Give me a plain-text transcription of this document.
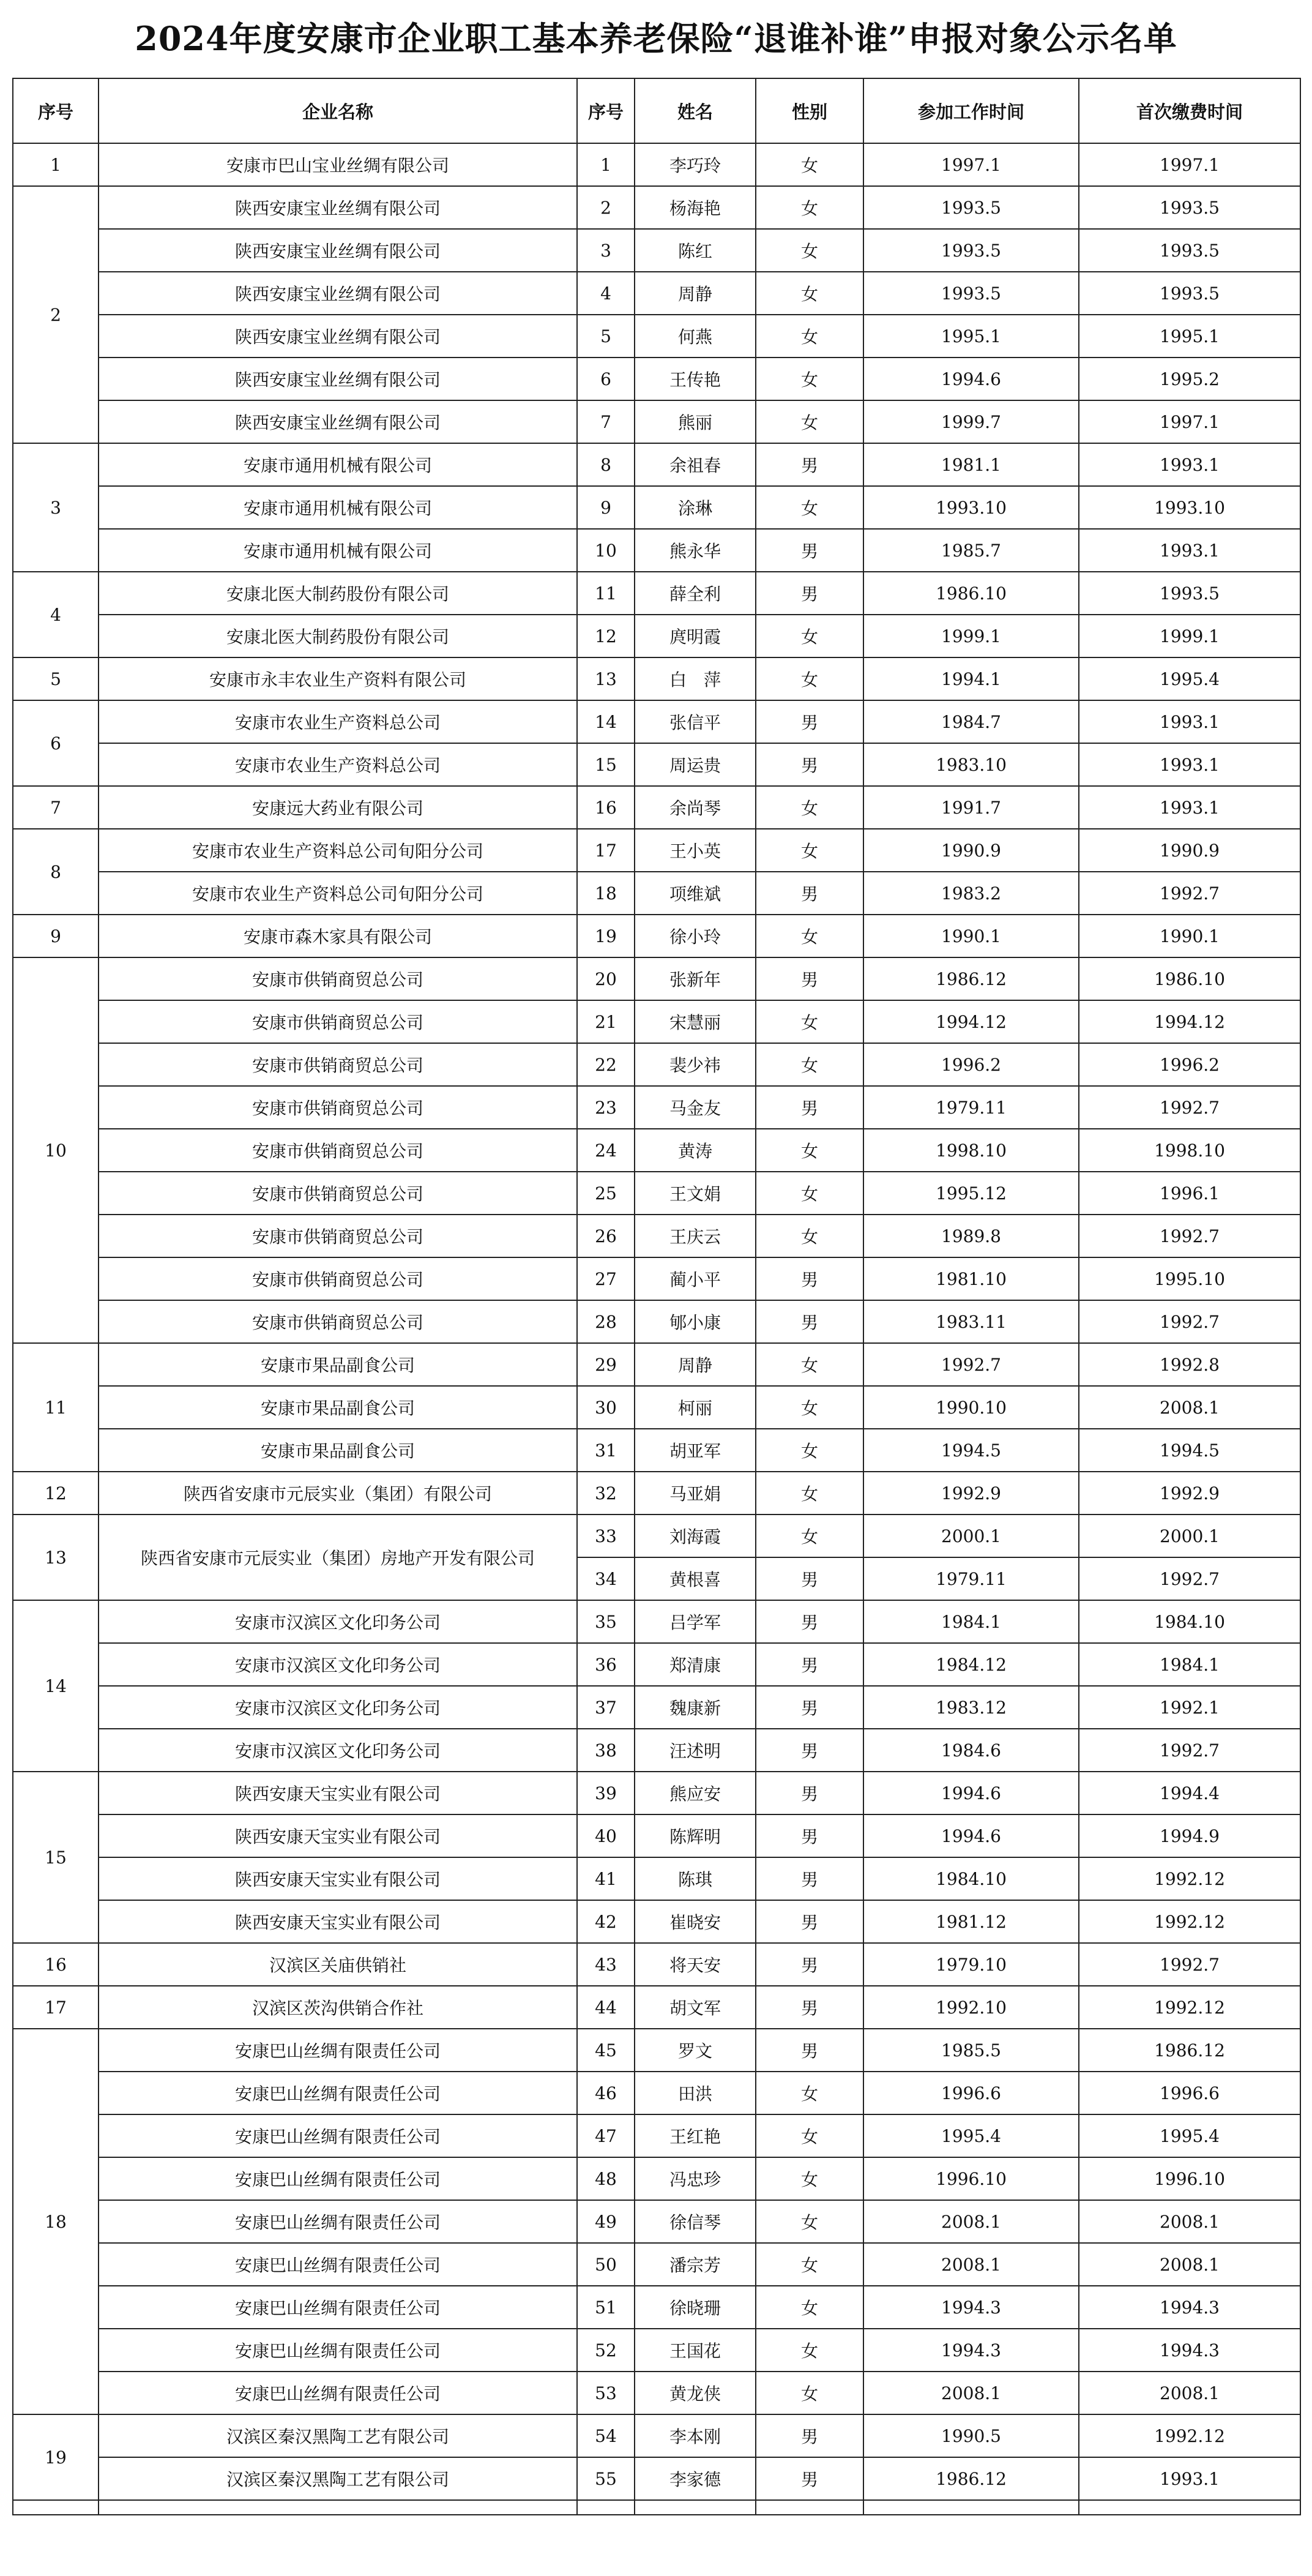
2024年度安康市企业职工基本养老保险“退谁补谁”申报对象公示名单
序号	企业名称	序号	姓名	性别	参加工作时间	首次缴费时间
1	安康市巴山宝业丝绸有限公司	1	李巧玲	女	1997.1	1997.1
2	陕西安康宝业丝绸有限公司	2	杨海艳	女	1993.5	1993.5
	陕西安康宝业丝绸有限公司	3	陈红	女	1993.5	1993.5
	陕西安康宝业丝绸有限公司	4	周静	女	1993.5	1993.5
	陕西安康宝业丝绸有限公司	5	何燕	女	1995.1	1995.1
	陕西安康宝业丝绸有限公司	6	王传艳	女	1994.6	1995.2
	陕西安康宝业丝绸有限公司	7	熊丽	女	1999.7	1997.1
3	安康市通用机械有限公司	8	余祖春	男	1981.1	1993.1
	安康市通用机械有限公司	9	涂琳	女	1993.10	1993.10
	安康市通用机械有限公司	10	熊永华	男	1985.7	1993.1
4	安康北医大制药股份有限公司	11	薛全利	男	1986.10	1993.5
	安康北医大制药股份有限公司	12	庹明霞	女	1999.1	1999.1
5	安康市永丰农业生产资料有限公司	13	白　萍	女	1994.1	1995.4
6	安康市农业生产资料总公司	14	张信平	男	1984.7	1993.1
	安康市农业生产资料总公司	15	周运贵	男	1983.10	1993.1
7	安康远大药业有限公司	16	余尚琴	女	1991.7	1993.1
8	安康市农业生产资料总公司旬阳分公司	17	王小英	女	1990.9	1990.9
	安康市农业生产资料总公司旬阳分公司	18	项维斌	男	1983.2	1992.7
9	安康市森木家具有限公司	19	徐小玲	女	1990.1	1990.1
10	安康市供销商贸总公司	20	张新年	男	1986.12	1986.10
	安康市供销商贸总公司	21	宋慧丽	女	1994.12	1994.12
	安康市供销商贸总公司	22	裴少祎	女	1996.2	1996.2
	安康市供销商贸总公司	23	马金友	男	1979.11	1992.7
	安康市供销商贸总公司	24	黄涛	女	1998.10	1998.10
	安康市供销商贸总公司	25	王文娟	女	1995.12	1996.1
	安康市供销商贸总公司	26	王庆云	女	1989.8	1992.7
	安康市供销商贸总公司	27	蔺小平	男	1981.10	1995.10
	安康市供销商贸总公司	28	郇小康	男	1983.11	1992.7
11	安康市果品副食公司	29	周静	女	1992.7	1992.8
	安康市果品副食公司	30	柯丽	女	1990.10	2008.1
	安康市果品副食公司	31	胡亚军	女	1994.5	1994.5
12	陕西省安康市元辰实业（集团）有限公司	32	马亚娟	女	1992.9	1992.9
13	陕西省安康市元辰实业（集团）房地产开发有限公司	33	刘海霞	女	2000.1	2000.1
		34	黄根喜	男	1979.11	1992.7
14	安康市汉滨区文化印务公司	35	吕学军	男	1984.1	1984.10
	安康市汉滨区文化印务公司	36	郑清康	男	1984.12	1984.1
	安康市汉滨区文化印务公司	37	魏康新	男	1983.12	1992.1
	安康市汉滨区文化印务公司	38	汪述明	男	1984.6	1992.7
15	陕西安康天宝实业有限公司	39	熊应安	男	1994.6	1994.4
	陕西安康天宝实业有限公司	40	陈辉明	男	1994.6	1994.9
	陕西安康天宝实业有限公司	41	陈琪	男	1984.10	1992.12
	陕西安康天宝实业有限公司	42	崔晓安	男	1981.12	1992.12
16	汉滨区关庙供销社	43	将天安	男	1979.10	1992.7
17	汉滨区茨沟供销合作社	44	胡文军	男	1992.10	1992.12
18	安康巴山丝绸有限责任公司	45	罗文	男	1985.5	1986.12
	安康巴山丝绸有限责任公司	46	田洪	女	1996.6	1996.6
	安康巴山丝绸有限责任公司	47	王红艳	女	1995.4	1995.4
	安康巴山丝绸有限责任公司	48	冯忠珍	女	1996.10	1996.10
	安康巴山丝绸有限责任公司	49	徐信琴	女	2008.1	2008.1
	安康巴山丝绸有限责任公司	50	潘宗芳	女	2008.1	2008.1
	安康巴山丝绸有限责任公司	51	徐晓珊	女	1994.3	1994.3
	安康巴山丝绸有限责任公司	52	王国花	女	1994.3	1994.3
	安康巴山丝绸有限责任公司	53	黄龙侠	女	2008.1	2008.1
19	汉滨区秦汉黑陶工艺有限公司	54	李本刚	男	1990.5	1992.12
	汉滨区秦汉黑陶工艺有限公司	55	李家德	男	1986.12	1993.1
